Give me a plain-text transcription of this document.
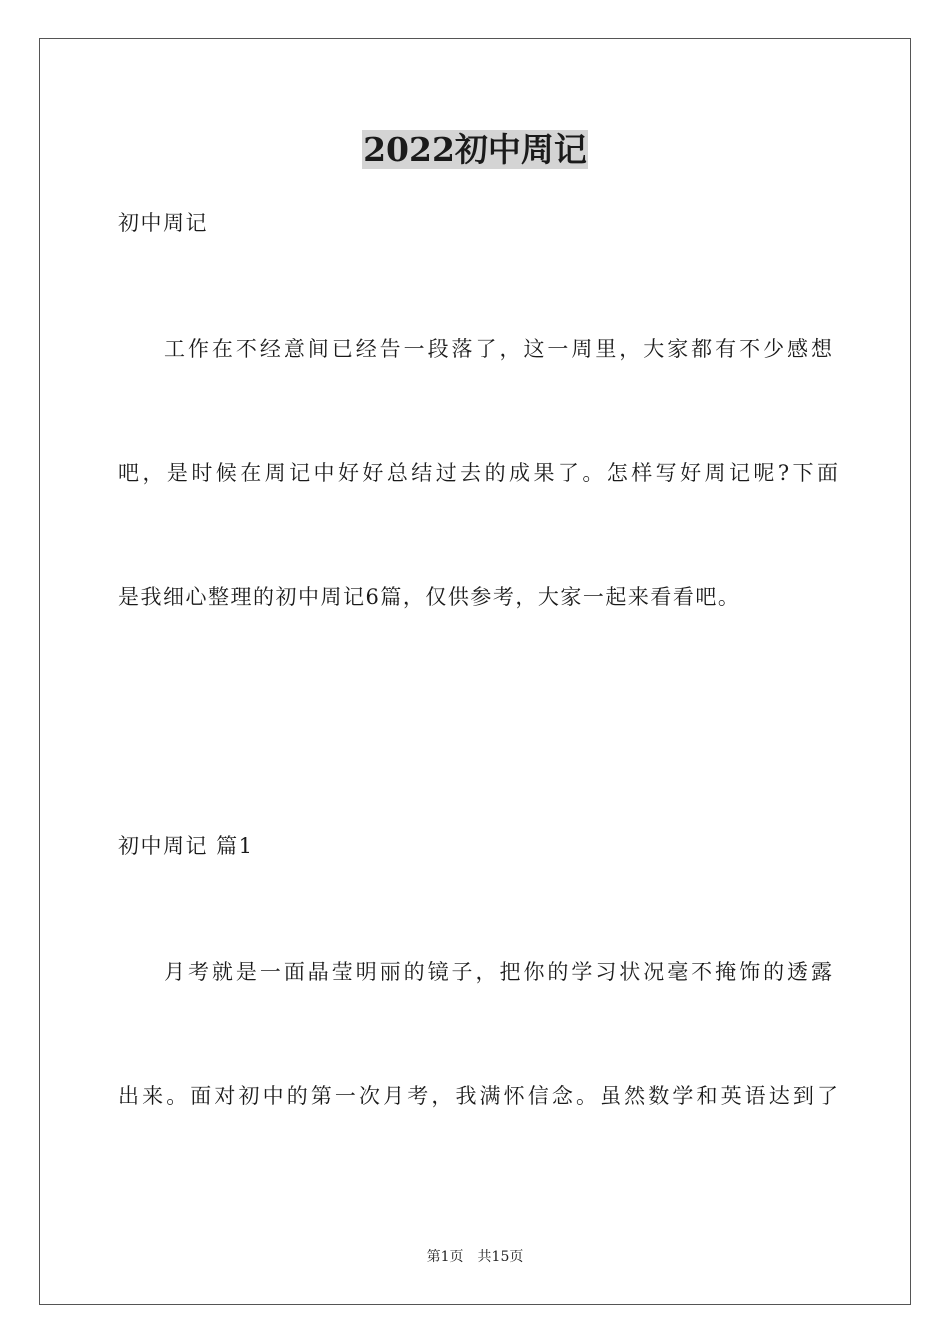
2022初中周记
初中周记
工作在不经意间已经告一段落了，这一周里，大家都有不少感想
吧，是时候在周记中好好总结过去的成果了。怎样写好周记呢?下面
是我细心整理的初中周记6篇，仅供参考，大家一起来看看吧。
初中周记 篇1
月考就是一面晶莹明丽的镜子，把你的学习状况毫不掩饰的透露
出来。面对初中的第一次月考，我满怀信念。虽然数学和英语达到了
第1页　共15页
